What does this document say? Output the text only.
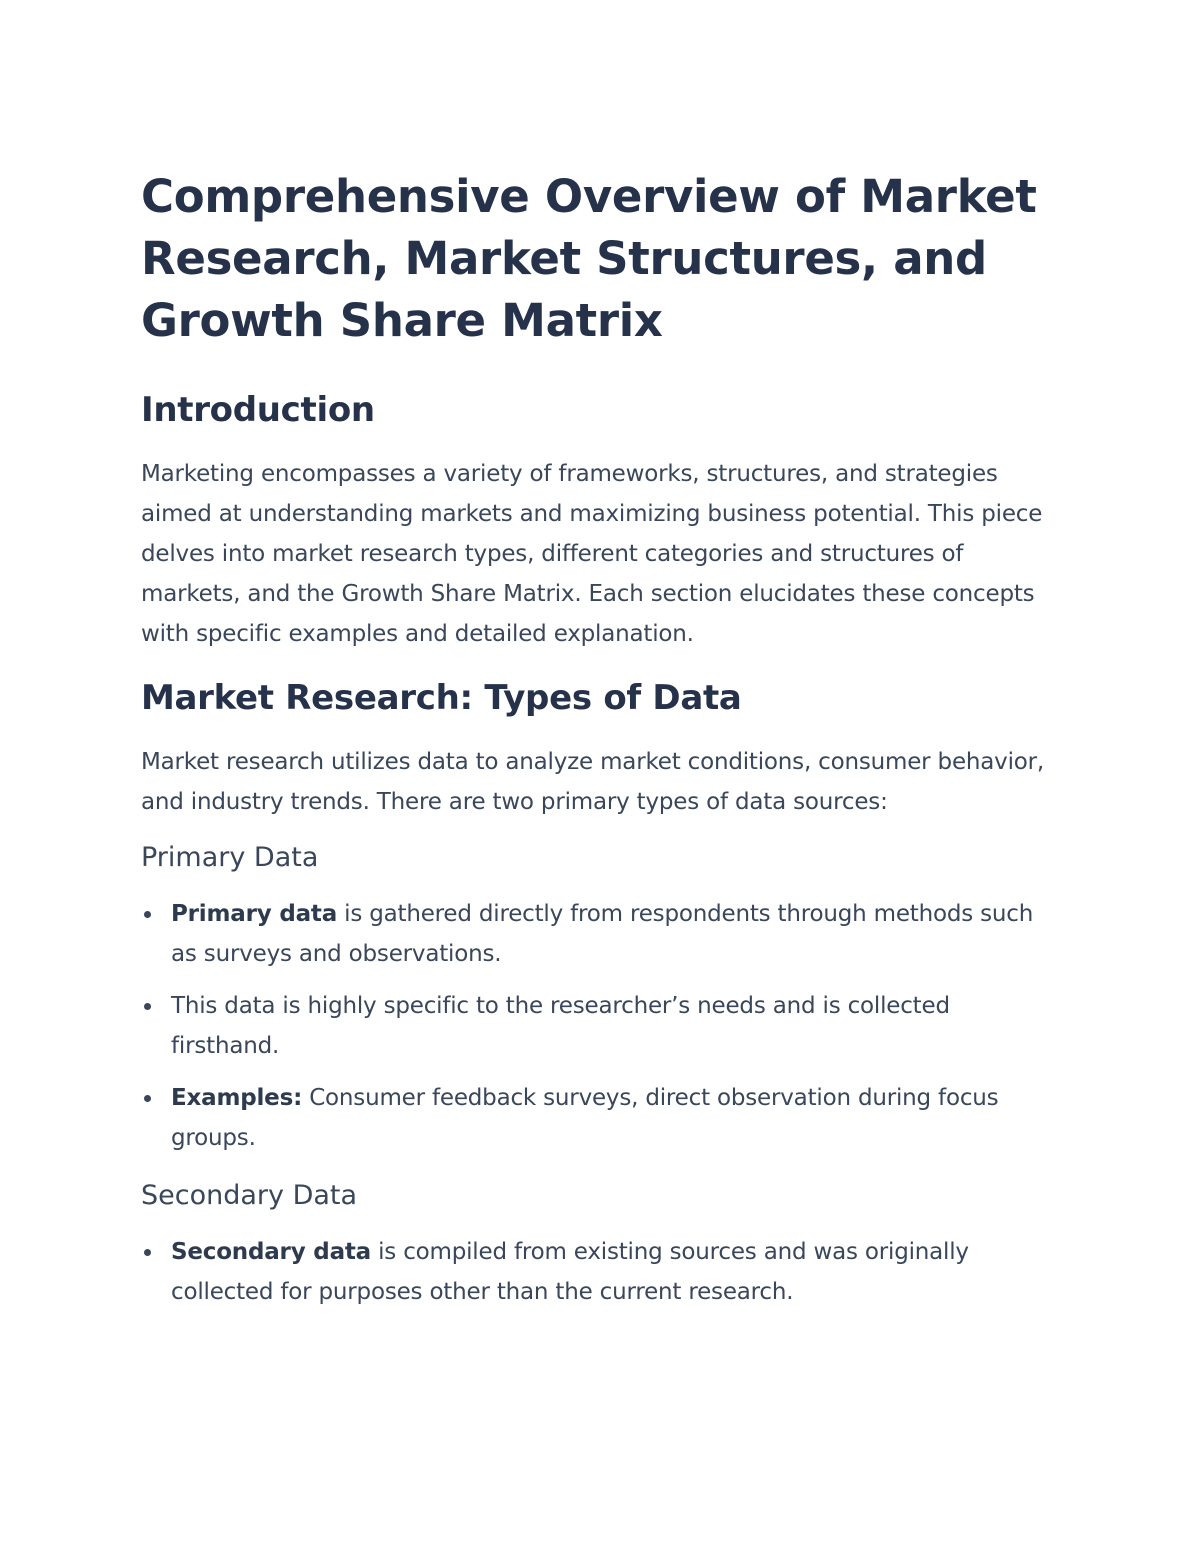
Comprehensive Overview of Market Research, Market Structures, and Growth Share Matrix
Introduction

Marketing encompasses a variety of frameworks, structures, and strategies aimed at understanding markets and maximizing business potential. This piece delves into market research types, different categories and structures of markets, and the Growth Share Matrix. Each section elucidates these concepts with specific examples and detailed explanation.

Market Research: Types of Data

Market research utilizes data to analyze market conditions, consumer behavior, and industry trends. There are two primary types of data sources:

Primary Data
Primary data is gathered directly from respondents through methods such as surveys and observations.
This data is highly specific to the researcher’s needs and is collected firsthand.
Examples: Consumer feedback surveys, direct observation during focus groups.
Secondary Data
Secondary data is compiled from existing sources and was originally collected for purposes other than the current research.
